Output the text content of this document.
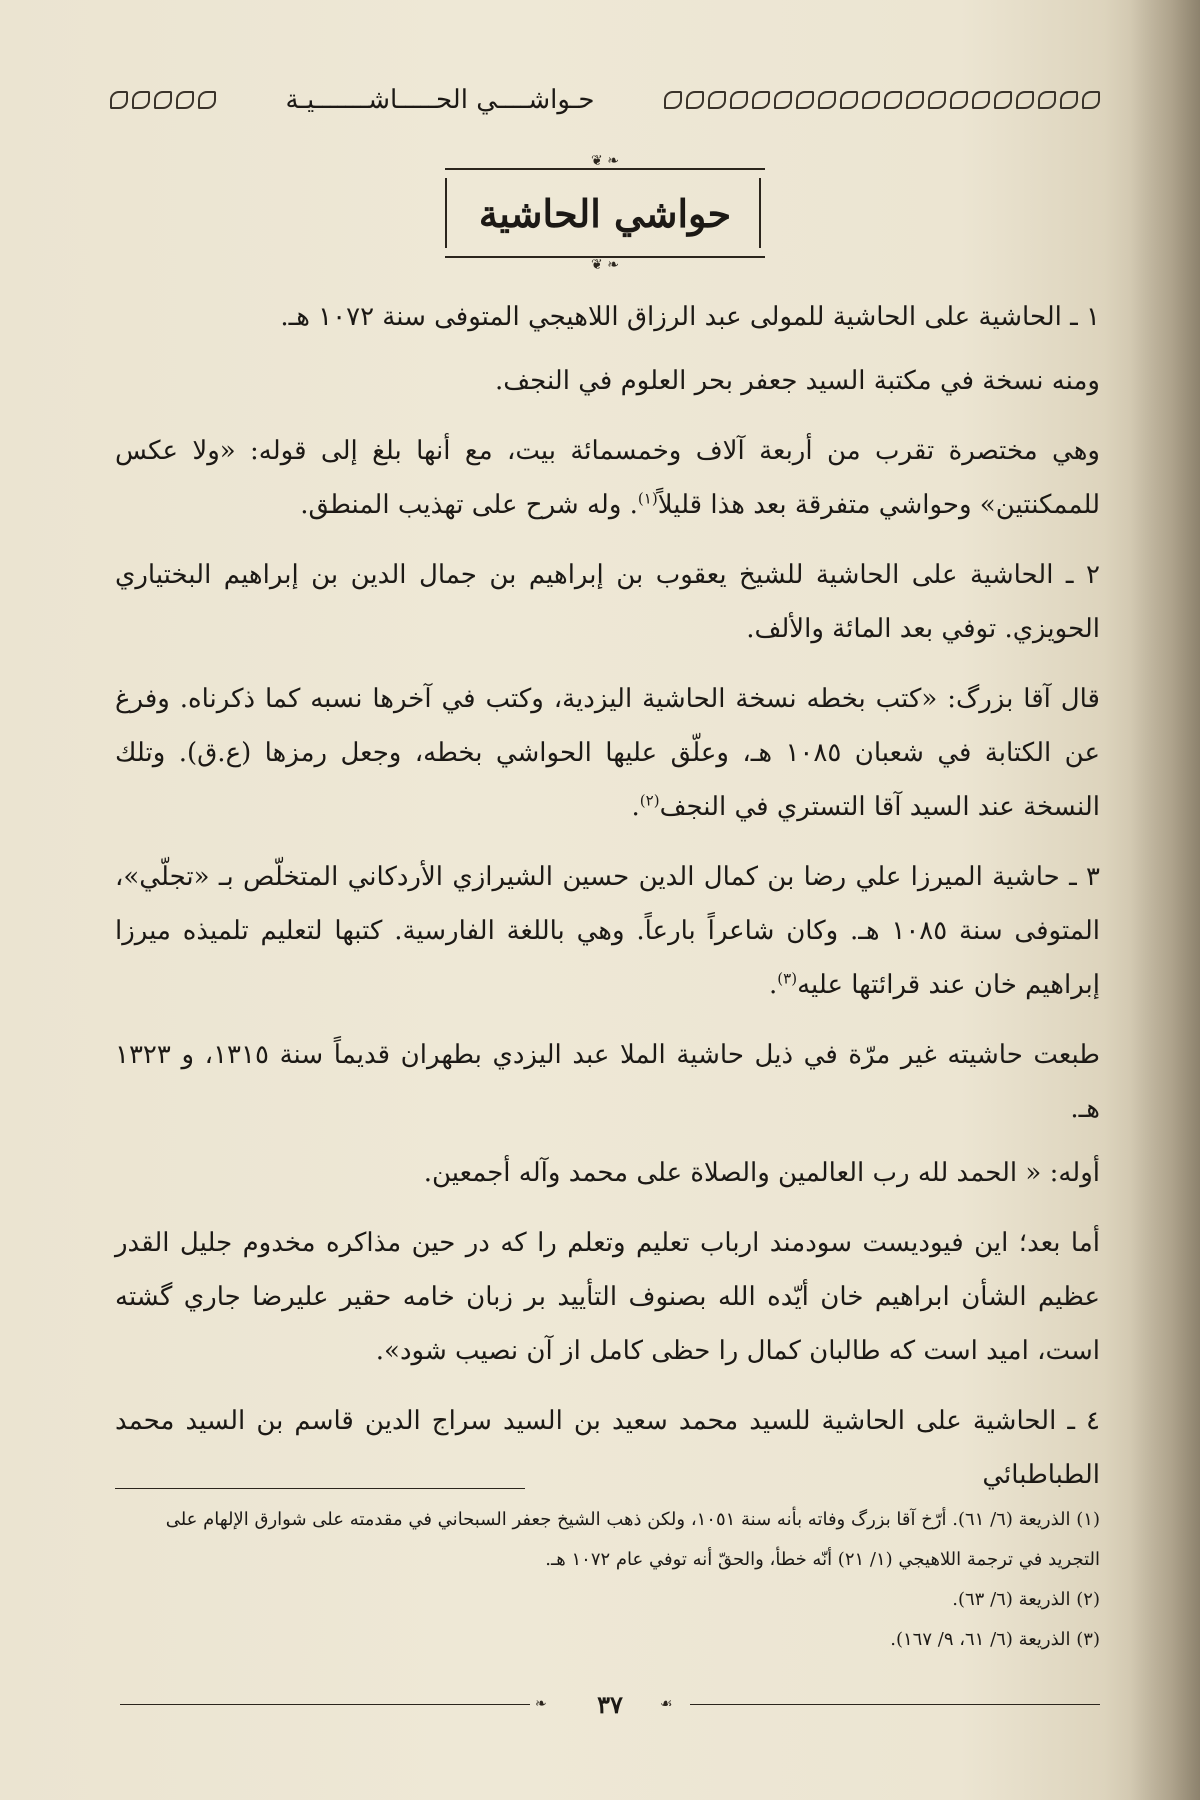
حـواشــــي الحـــــاشـــــــيـة
❦ ❧
حواشي الحاشية
❦ ❧

١ ـ الحاشية على الحاشية للمولى عبد الرزاق اللاهيجي المتوفى سنة ١٠٧٢ هـ.

ومنه نسخة في مكتبة السيد جعفر بحر العلوم في النجف.

وهي مختصرة تقرب من أربعة آلاف وخمسمائة بيت، مع أنها بلغ إلى قوله: «ولا عكس للممكنتين» وحواشي متفرقة بعد هذا قليلاً$^{(١)}$. وله شرح على تهذيب المنطق.

٢ ـ الحاشية على الحاشية للشيخ يعقوب بن إبراهيم بن جمال الدين بن إبراهيم البختياري الحويزي. توفي بعد المائة والألف.

قال آقا بزرگ: «كتب بخطه نسخة الحاشية اليزدية، وكتب في آخرها نسبه كما ذكرناه. وفرغ عن الكتابة في شعبان ١٠٨٥ هـ، وعلّق عليها الحواشي بخطه، وجعل رمزها (ع.ق). وتلك النسخة عند السيد آقا التستري في النجف$^{(٢)}$.

٣ ـ حاشية الميرزا علي رضا بن كمال الدين حسين الشيرازي الأردكاني المتخلّص بـ «تجلّي»، المتوفى سنة ١٠٨٥ هـ. وكان شاعراً بارعاً. وهي باللغة الفارسية. كتبها لتعليم تلميذه ميرزا إبراهيم خان عند قرائتها عليه$^{(٣)}$.

طبعت حاشيته غير مرّة في ذيل حاشية الملا عبد اليزدي بطهران قديماً سنة ١٣١٥، و ١٣٢٣ هـ.

أوله: « الحمد لله رب العالمين والصلاة على محمد وآله أجمعين.

أما بعد؛ اين فيوديست سودمند ارباب تعليم وتعلم را كه در حين مذاكره مخدوم جليل القدر عظيم الشأن ابراهيم خان أيّده الله بصنوف التأييد بر زبان خامه حقير عليرضا جاري گشته است، اميد است كه طالبان كمال را حظى كامل از آن نصيب شود».

٤ ـ الحاشية على الحاشية للسيد محمد سعيد بن السيد سراج الدين قاسم بن السيد محمد الطباطبائي

(١) الذريعة (٦/ ٦١). أرّخ آقا بزرگ وفاته بأنه سنة ١٠٥١، ولكن ذهب الشيخ جعفر السبحاني في مقدمته على شوارق الإلهام على التجريد في ترجمة اللاهيجي (١/ ٢١) أنّه خطأ، والحقّ أنه توفي عام ١٠٧٢ هـ.

(٢) الذريعة (٦/ ٦٣).

(٣) الذريعة (٦/ ٦١، ٩/ ١٦٧).

❧	٣٧	☙
